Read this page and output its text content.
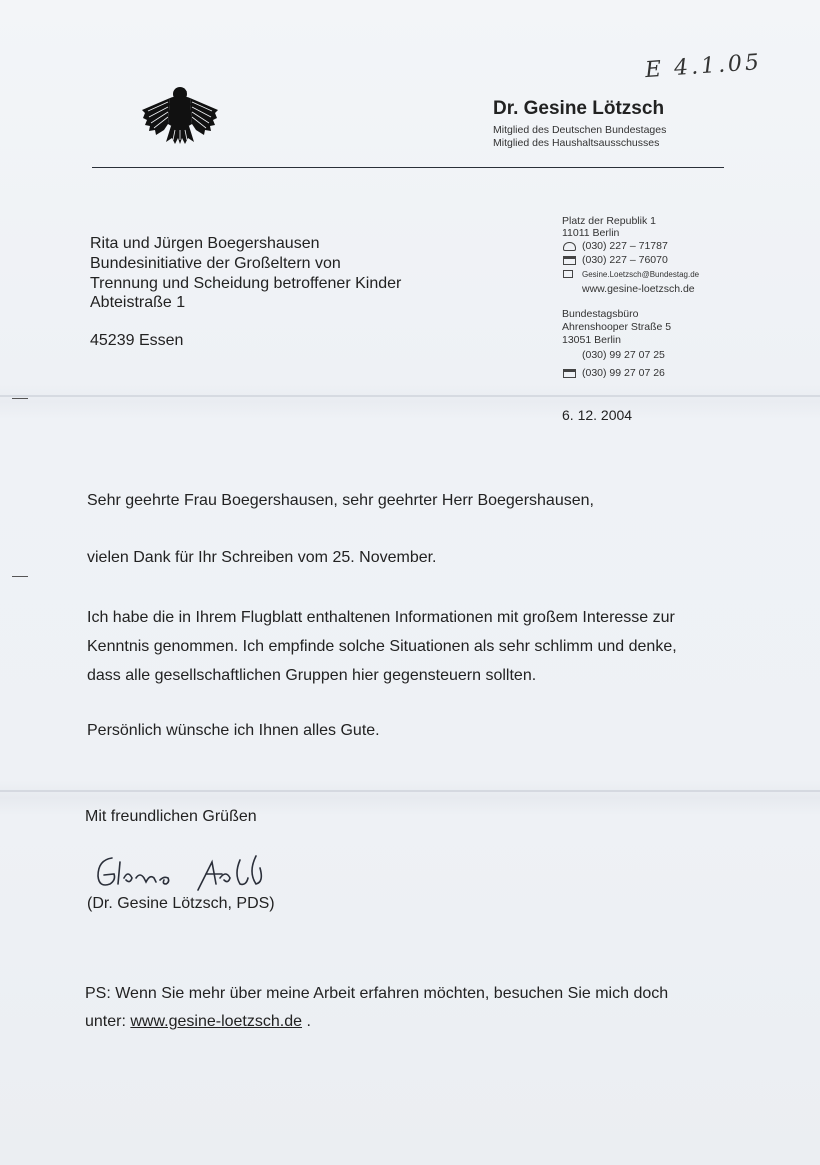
E 4.1.05
Dr. Gesine Lötzsch
Mitglied des Deutschen Bundestages
Mitglied des Haushaltsausschusses
Rita und Jürgen Boegershausen
Bundesinitiative der Großeltern von
Trennung und Scheidung betroffener Kinder
Abteistraße 1
45239 Essen
Platz der Republik 1
11011 Berlin
(030) 227 – 71787
(030) 227 – 76070
Gesine.Loetzsch@Bundestag.de
www.gesine-loetzsch.de
Bundestagsbüro
Ahrenshooper Straße 5
13051 Berlin
(030) 99 27 07 25
(030) 99 27 07 26
6. 12. 2004
Sehr geehrte Frau Boegershausen, sehr geehrter Herr Boegershausen,
vielen Dank für Ihr Schreiben vom 25. November.
Ich habe die in Ihrem Flugblatt enthaltenen Informationen mit großem Interesse zur
Kenntnis genommen. Ich empfinde solche Situationen als sehr schlimm und denke,
dass alle gesellschaftlichen Gruppen hier gegensteuern sollten.
Persönlich wünsche ich Ihnen alles Gute.
Mit freundlichen Grüßen
(Dr. Gesine Lötzsch, PDS)
PS: Wenn Sie mehr über meine Arbeit erfahren möchten, besuchen Sie mich doch
unter: www.gesine-loetzsch.de .
